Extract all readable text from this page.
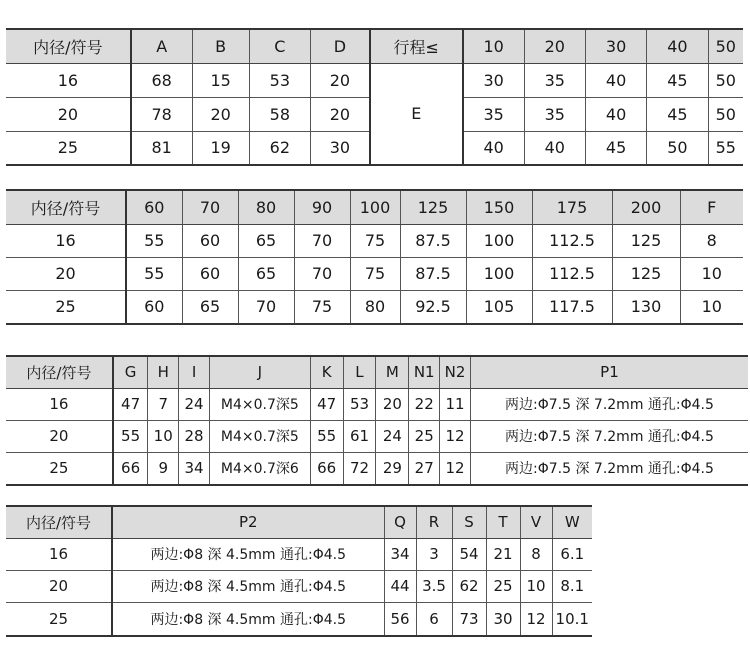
内径/符号	A	B	C	D	行程≤	10	20	30	40	50
16	68	15	53	20	E	30	35	40	45	50
20	78	20	58	20		35	35	40	45	50
25	81	19	62	30		40	40	45	50	55
内径/符号	60	70	80	90	100	125	150	175	200	F
16	55	60	65	70	75	87.5	100	112.5	125	8
20	55	60	65	70	75	87.5	100	112.5	125	10
25	60	65	70	75	80	92.5	105	117.5	130	10
内径/符号	G	H	I	J	K	L	M	N1	N2	P1
16	47	7	24	M4×0.7深5	47	53	20	22	11	两边:Φ7.5 深 7.2mm 通孔:Φ4.5
20	55	10	28	M4×0.7深5	55	61	24	25	12	两边:Φ7.5 深 7.2mm 通孔:Φ4.5
25	66	9	34	M4×0.7深6	66	72	29	27	12	两边:Φ7.5 深 7.2mm 通孔:Φ4.5
内径/符号	P2	Q	R	S	T	V	W
16	两边:Φ8 深 4.5mm 通孔:Φ4.5	34	3	54	21	8	6.1
20	两边:Φ8 深 4.5mm 通孔:Φ4.5	44	3.5	62	25	10	8.1
25	两边:Φ8 深 4.5mm 通孔:Φ4.5	56	6	73	30	12	10.1
